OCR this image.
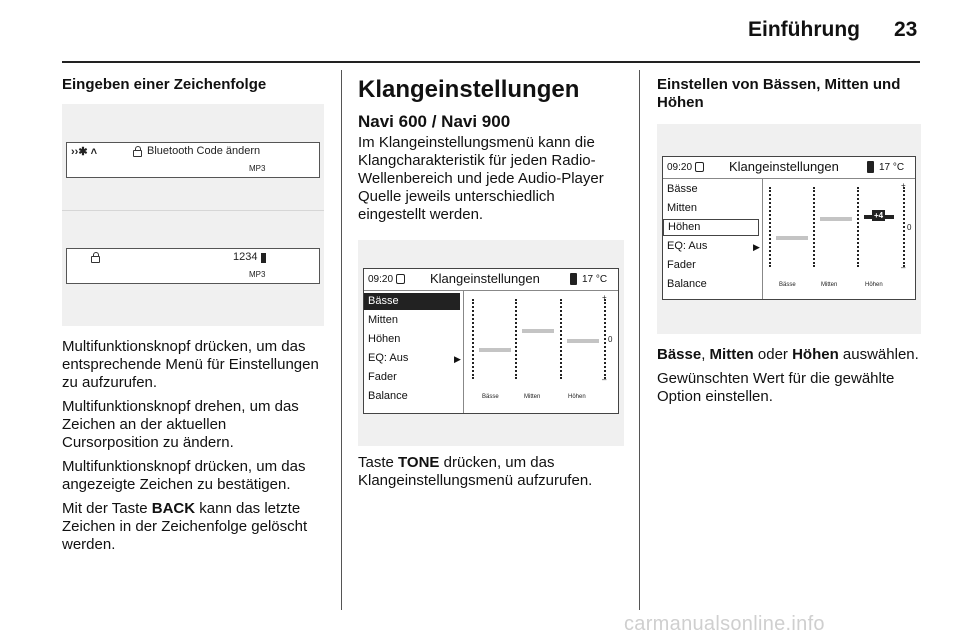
Einführung 23
Eingeben einer Zeichenfolge
››✱ ˄	Bluetooth Code ändern
MP3
1234
MP3
Multifunktionsknopf drücken, um das entsprechende Menü für Einstellungen zu aufzurufen.
Multifunktionsknopf drehen, um das Zeichen an der aktuellen Cursorposition zu ändern.
Multifunktionsknopf drücken, um das angezeigte Zeichen zu bestätigen.
Mit der Taste BACK kann das letzte Zeichen in der Zeichenfolge gelöscht werden.
Klangeinstellungen
Navi 600 / Navi 900
Im Klangeinstellungsmenü kann die Klangcharakteristik für jeden Radio-Wellenbereich und jede Audio-Player Quelle jeweils unterschiedlich eingestellt werden.
09:20	Klangeinstellungen	17 °C
Bässe
Mitten
Höhen
EQ: Aus	▶
Fader
Balance
+
0
–
Bässe	Mitten	Höhen
Taste TONE drücken, um das Klangeinstellungsmenü aufzurufen.
Einstellen von Bässen, Mitten und Höhen
09:20	Klangeinstellungen	17 °C
Bässe
Mitten
Höhen
EQ: Aus	▶
Fader
Balance
+4
+
0
–
Bässe	Mitten	Höhen
Bässe, Mitten oder Höhen auswählen.
Gewünschten Wert für die gewählte Option einstellen.
carmanualsonline.info
